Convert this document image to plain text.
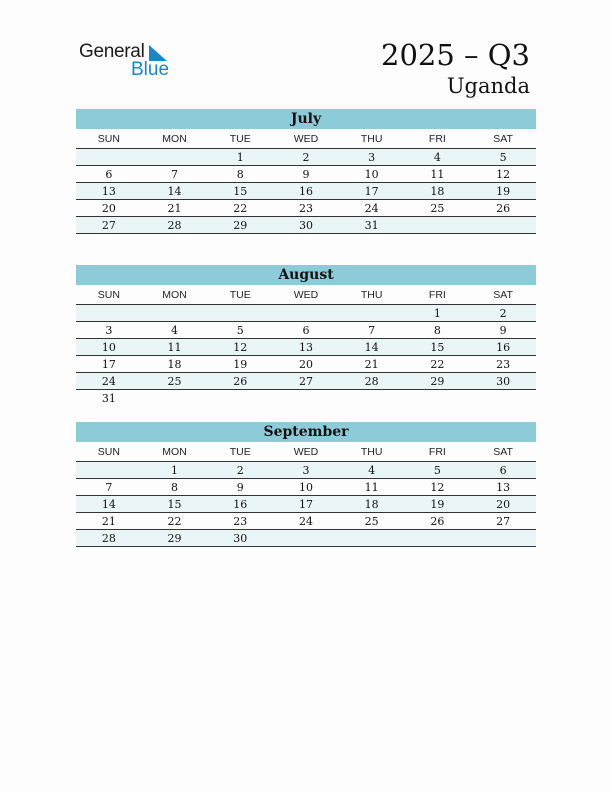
General
Blue	2025 – Q3
Uganda
July
SUN	MON	TUE	WED	THU	FRI	SAT
		1	2	3	4	5
6	7	8	9	10	11	12
13	14	15	16	17	18	19
20	21	22	23	24	25	26
27	28	29	30	31		
August
SUN	MON	TUE	WED	THU	FRI	SAT
					1	2
3	4	5	6	7	8	9
10	11	12	13	14	15	16
17	18	19	20	21	22	23
24	25	26	27	28	29	30
31						
September
SUN	MON	TUE	WED	THU	FRI	SAT
	1	2	3	4	5	6
7	8	9	10	11	12	13
14	15	16	17	18	19	20
21	22	23	24	25	26	27
28	29	30				
